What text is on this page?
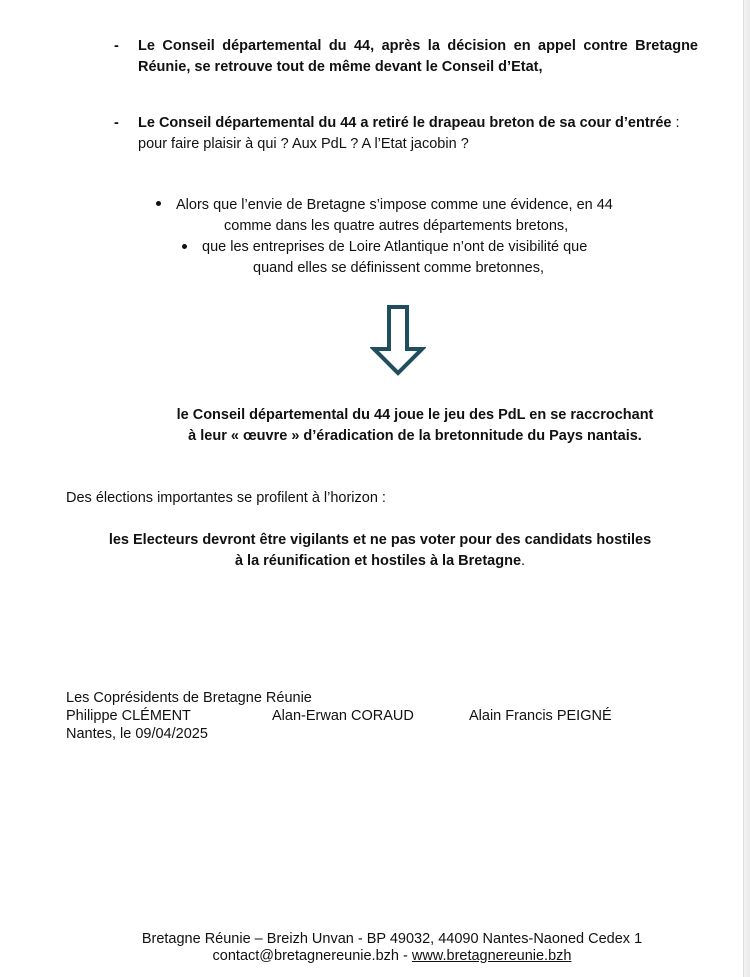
- Le Conseil départemental du 44, après la décision en appel contre Bretagne Réunie, se retrouve tout de même devant le Conseil d’Etat,
- Le Conseil départemental du 44 a retiré le drapeau breton de sa cour d’entrée :
pour faire plaisir à qui ? Aux PdL ? A l’Etat jacobin ?
Alors que l’envie de Bretagne s’impose comme une évidence, en 44
comme dans les quatre autres départements bretons,
que les entreprises de Loire Atlantique n’ont de visibilité que
quand elles se définissent comme bretonnes,
le Conseil départemental du 44 joue le jeu des PdL en se raccrochant
à leur « œuvre » d’éradication de la bretonnitude du Pays nantais.
Des élections importantes se profilent à l’horizon :
les Electeurs devront être vigilants et ne pas voter pour des candidats hostiles
à la réunification et hostiles à la Bretagne.
Les Coprésidents de Bretagne Réunie
Philippe CLÉMENT	Alan-Erwan CORAUD	Alain Francis PEIGNÉ
Nantes, le 09/04/2025
Bretagne Réunie – Breizh Unvan - BP 49032, 44090 Nantes-Naoned Cedex 1
contact@bretagnereunie.bzh - www.bretagnereunie.bzh
